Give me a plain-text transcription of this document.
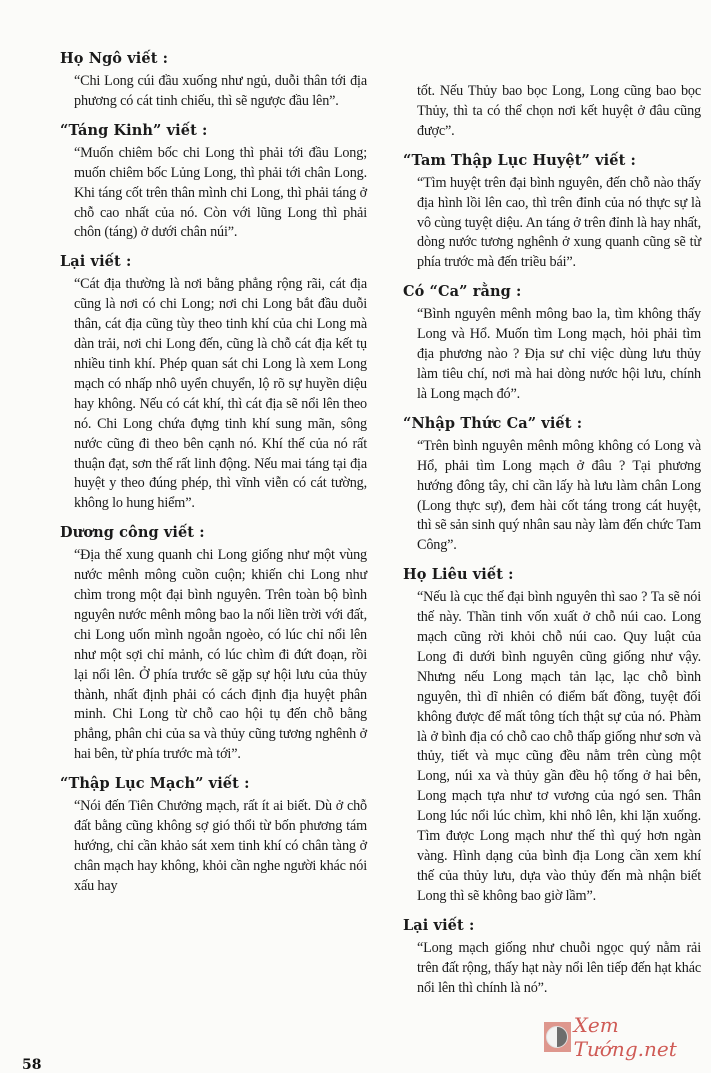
Họ Ngô viết :

“Chi Long cúi đầu xuống như ngủ, duỗi thân tới địa phương có cát tinh chiếu, thì sẽ ngược đầu lên”.

“Táng Kinh” viết :

“Muốn chiêm bốc chi Long thì phải tới đầu Long; muốn chiêm bốc Lủng Long, thì phải tới chân Long. Khi táng cốt trên thân mình chi Long, thì phải táng ở chỗ cao nhất của nó. Còn với lũng Long thì phải chôn (táng) ở dưới chân núi”.

Lại viết :

“Cát địa thường là nơi bằng phẳng rộng rãi, cát địa cũng là nơi có chi Long; nơi chi Long bắt đầu duỗi thân, cát địa cũng tùy theo tinh khí của chi Long mà dàn trải, nơi chi Long đến, cũng là chỗ cát địa kết tụ nhiều tinh khí. Phép quan sát chi Long là xem Long mạch có nhấp nhô uyển chuyển, lộ rõ sự huyền diệu hay không. Nếu có cát khí, thì cát địa sẽ nổi lên theo nó. Chi Long chứa đựng tinh khí sung mãn, sông nước cũng đi theo bên cạnh nó. Khí thế của nó rất thuận đạt, sơn thế rất linh động. Nếu mai táng tại địa huyệt y theo đúng phép, thì vĩnh viễn có cát tường, không lo hung hiểm”.

Dương công viết :

“Địa thế xung quanh chi Long giống như một vùng nước mênh mông cuồn cuộn; khiến chi Long như chìm trong một đại bình nguyên. Trên toàn bộ bình nguyên nước mênh mông bao la nối liền trời với đất, chi Long uốn mình ngoằn ngoèo, có lúc chỉ nổi lên như một sợi chỉ mảnh, có lúc chìm đi đứt đoạn, rồi lại nổi lên. Ở phía trước sẽ gặp sự hội lưu của thủy thành, nhất định phải có cách định địa huyệt phân minh. Chi Long từ chỗ cao hội tụ đến chỗ bằng phẳng, phân chi của sa và thủy cũng tương nghênh ở hai bên, từ phía trước mà tới”.

“Thập Lục Mạch” viết :

“Nói đến Tiên Chưởng mạch, rất ít ai biết. Dù ở chỗ đất bằng cũng không sợ gió thổi từ bốn phương tám hướng, chỉ cần khảo sát xem tinh khí có chân tàng ở chân mạch hay không, khỏi cần nghe người khác nói xấu hay

tốt. Nếu Thủy bao bọc Long, Long cũng bao bọc Thủy, thì ta có thể chọn nơi kết huyệt ở đâu cũng được”.

“Tam Thập Lục Huyệt” viết :

“Tìm huyệt trên đại bình nguyên, đến chỗ nào thấy địa hình lồi lên cao, thì trên đỉnh của nó thực sự là vô cùng tuyệt diệu. An táng ở trên đỉnh là hay nhất, dòng nước tương nghênh ở xung quanh cũng sẽ từ phía trước mà đến triều bái”.

Có “Ca” rằng :

“Bình nguyên mênh mông bao la, tìm không thấy Long và Hổ. Muốn tìm Long mạch, hỏi phải tìm địa phương nào ? Địa sư chỉ việc dùng lưu thủy làm tiêu chí, nơi mà hai dòng nước hội lưu, chính là Long mạch đó”.

“Nhập Thức Ca” viết :

“Trên bình nguyên mênh mông không có Long và Hổ, phải tìm Long mạch ở đâu ? Tại phương hướng đông tây, chỉ cần lấy hà lưu làm chân Long (Long thực sự), đem hài cốt táng trong cát huyệt, thì sẽ sản sinh quý nhân sau này làm đến chức Tam Công”.

Họ Liêu viết :

“Nếu là cục thế đại bình nguyên thì sao ? Ta sẽ nói thế này. Thần tinh vốn xuất ở chỗ núi cao. Long mạch cũng rời khỏi chỗ núi cao. Quy luật của Long đi dưới bình nguyên cũng giống như vậy. Nhưng nếu Long mạch tản lạc, lạc chỗ bình nguyên, thì dĩ nhiên có điểm bất đồng, tuyệt đối không được để mất tông tích thật sự của nó. Phàm là ở bình địa có chỗ cao chỗ thấp giống như sơn và thủy, tiết và mục cũng đều nằm trên cùng một Long, núi xa và thủy gần đều hộ tống ở hai bên, Long mạch tựa như tơ vương của ngó sen. Thân Long lúc nổi lúc chìm, khi nhô lên, khi lặn xuống. Tìm được Long mạch như thế thì quý hơn ngàn vàng. Hình dạng của bình địa Long cần xem khí thế của thủy lưu, dựa vào thủy đến mà nhận biết Long thì sẽ không bao giờ lầm”.

Lại viết :

“Long mạch giống như chuỗi ngọc quý nằm rải trên đất rộng, thấy hạt này nổi lên tiếp đến hạt khác nổi lên thì chính là nó”.

58
Xem Tướng.net
